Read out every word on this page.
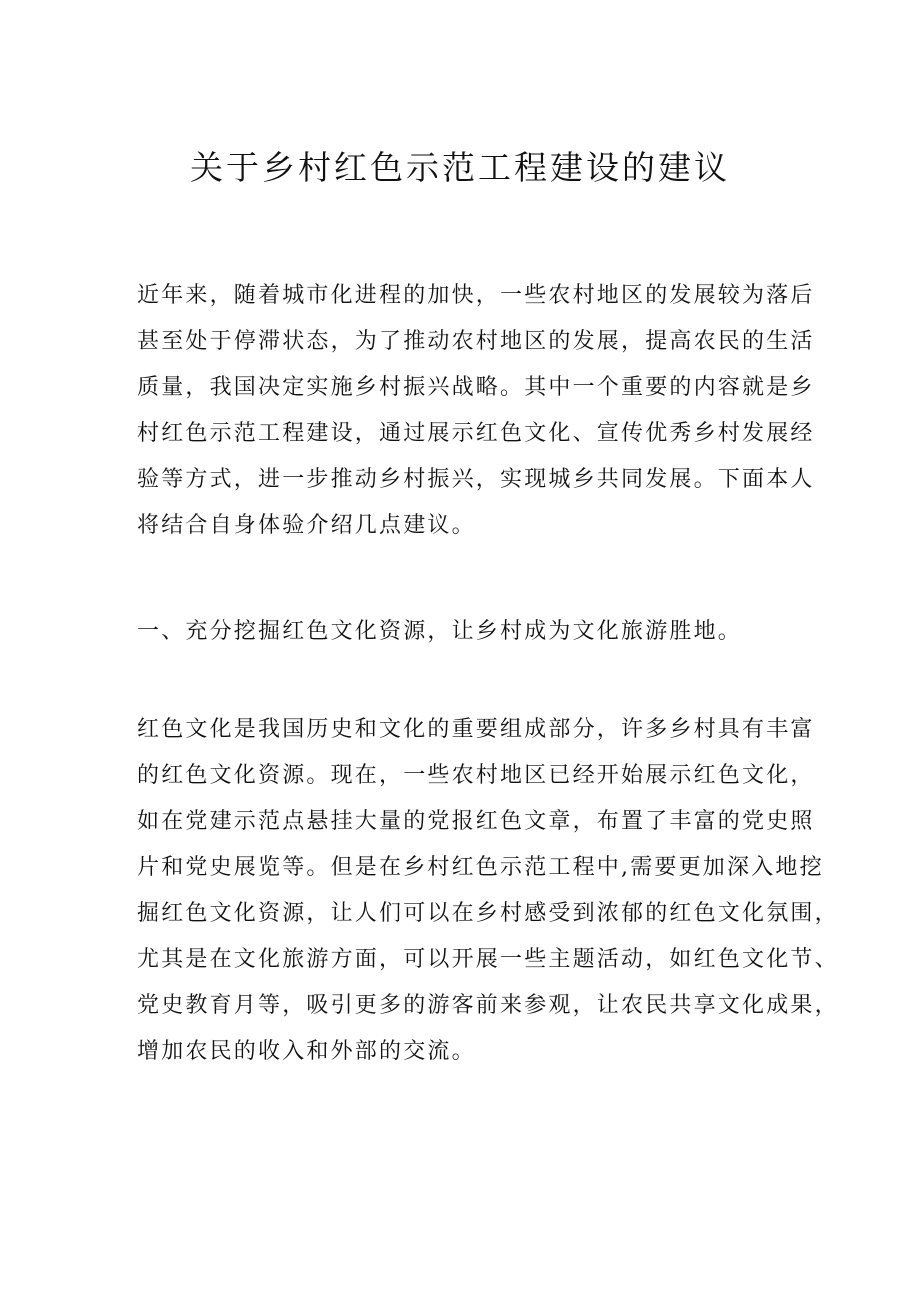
关于乡村红色示范工程建设的建议

近年来，随着城市化进程的加快，一些农村地区的发展较为落后

甚至处于停滞状态，为了推动农村地区的发展，提高农民的生活

质量，我国决定实施乡村振兴战略。其中一个重要的内容就是乡

村红色示范工程建设，通过展示红色文化、宣传优秀乡村发展经

验等方式，进一步推动乡村振兴，实现城乡共同发展。下面本人

将结合自身体验介绍几点建议。

一、充分挖掘红色文化资源，让乡村成为文化旅游胜地。

红色文化是我国历史和文化的重要组成部分，许多乡村具有丰富

的红色文化资源。现在，一些农村地区已经开始展示红色文化，

如在党建示范点悬挂大量的党报红色文章，布置了丰富的党史照

片和党史展览等。但是在乡村红色示范工程中,需要更加深入地挖

掘红色文化资源，让人们可以在乡村感受到浓郁的红色文化氛围，

尤其是在文化旅游方面，可以开展一些主题活动，如红色文化节、

党史教育月等，吸引更多的游客前来参观，让农民共享文化成果，

增加农民的收入和外部的交流。
